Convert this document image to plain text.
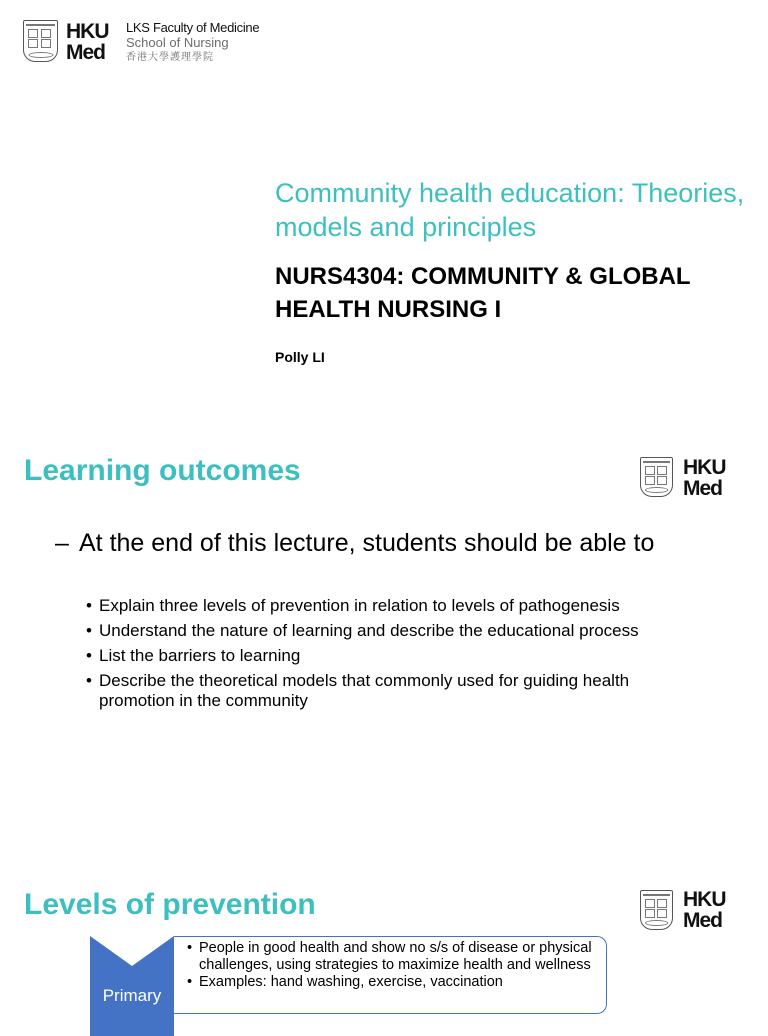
HKU
Med
LKS Faculty of Medicine
School of Nursing
香港大學護理學院
Community health education: Theories, models and principles
NURS4304: COMMUNITY & GLOBAL HEALTH NURSING I
Polly LI
Learning outcomes	HKU
Med
– At the end of this lecture, students should be able to
• Explain three levels of prevention in relation to levels of pathogenesis
• Understand the nature of learning and describe the educational process
• List the barriers to learning
• Describe the theoretical models that commonly used for guiding health promotion in the community
Levels of prevention	HKU
Med
Primary
• People in good health and show no s/s of disease or physical challenges, using strategies to maximize health and wellness
• Examples: hand washing, exercise, vaccination
